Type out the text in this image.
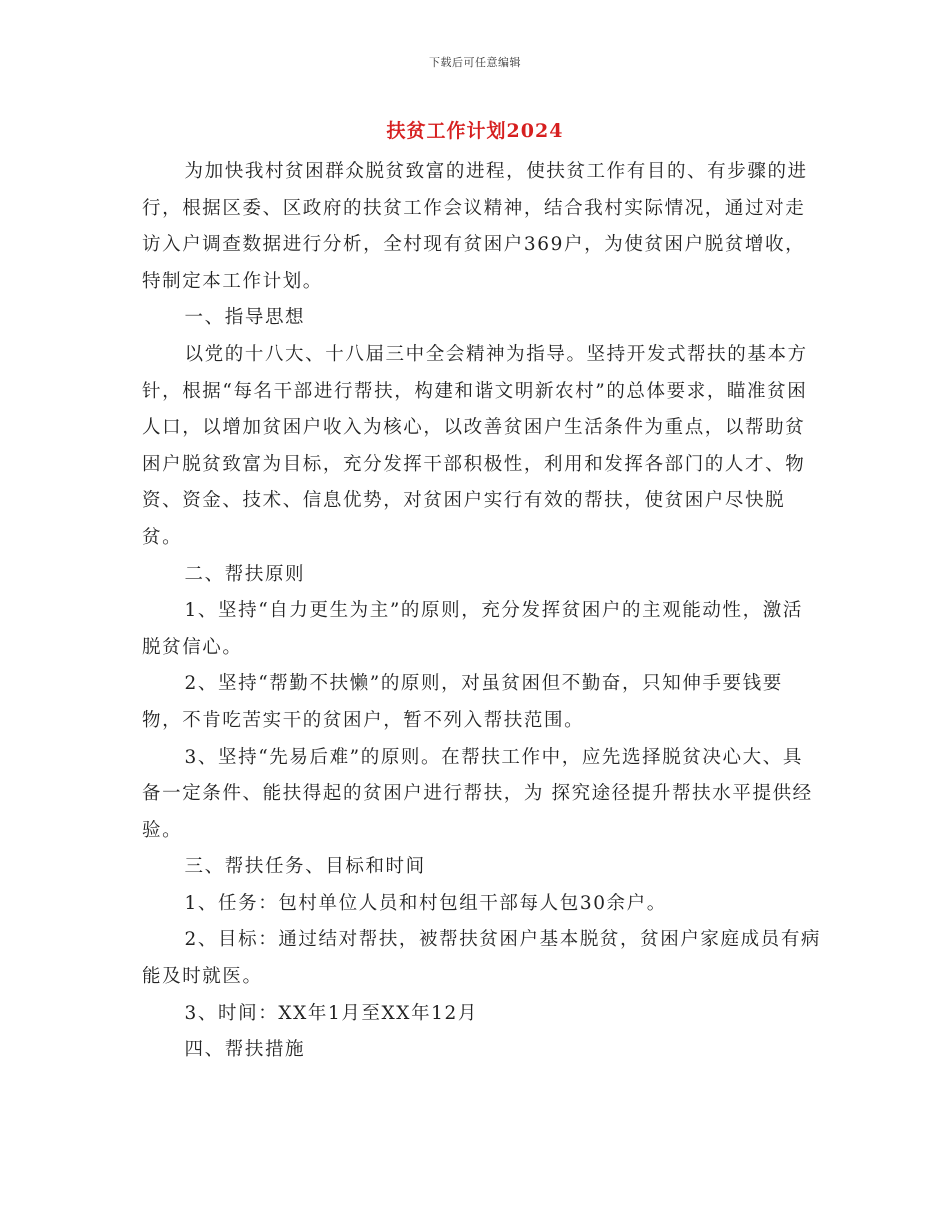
下载后可任意编辑
扶贫工作计划2024

为加快我村贫困群众脱贫致富的进程，使扶贫工作有目的、有步骤的进行，根据区委、区政府的扶贫工作会议精神，结合我村实际情况，通过对走访入户调查数据进行分析，全村现有贫困户369户，为使贫困户脱贫增收，特制定本工作计划。

一、指导思想

以党的十八大、十八届三中全会精神为指导。坚持开发式帮扶的基本方针，根据“每名干部进行帮扶，构建和谐文明新农村”的总体要求，瞄准贫困人口，以增加贫困户收入为核心，以改善贫困户生活条件为重点，以帮助贫困户脱贫致富为目标，充分发挥干部积极性，利用和发挥各部门的人才、物资、资金、技术、信息优势，对贫困户实行有效的帮扶，使贫困户尽快脱贫。

二、帮扶原则

1、坚持“自力更生为主”的原则，充分发挥贫困户的主观能动性，激活脱贫信心。

2、坚持“帮勤不扶懒”的原则，对虽贫困但不勤奋，只知伸手要钱要物，不肯吃苦实干的贫困户，暂不列入帮扶范围。

3、坚持“先易后难”的原则。在帮扶工作中，应先选择脱贫决心大、具备一定条件、能扶得起的贫困户进行帮扶，为 探究途径提升帮扶水平提供经验。

三、帮扶任务、目标和时间

1、任务：包村单位人员和村包组干部每人包30余户。

2、目标：通过结对帮扶，被帮扶贫困户基本脱贫，贫困户家庭成员有病能及时就医。

3、时间：XX年1月至XX年12月

四、帮扶措施
